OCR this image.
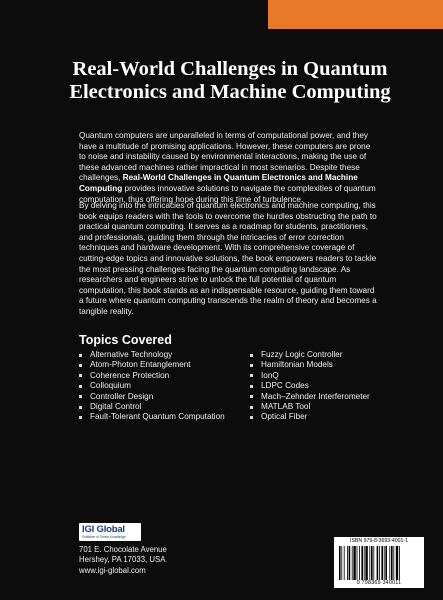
Real-World Challenges in Quantum
Electronics and Machine Computing

Quantum computers are unparalleled in terms of computational power, and they have a multitude of promising applications. However, these computers are prone to noise and instability caused by environmental interactions, making the use of these advanced machines rather impractical in most scenarios. Despite these challenges, Real-World Challenges in Quantum Electronics and Machine Computing provides innovative solutions to navigate the complexities of quantum computation, thus offering hope during this time of turbulence.

By delving into the intricacies of quantum electronics and machine computing, this book equips readers with the tools to overcome the hurdles obstructing the path to practical quantum computing. It serves as a roadmap for students, practitioners, and professionals, guiding them through the intricacies of error correction techniques and hardware development. With its comprehensive coverage of cutting-edge topics and innovative solutions, the book empowers readers to tackle the most pressing challenges facing the quantum computing landscape. As researchers and engineers strive to unlock the full potential of quantum computation, this book stands as an indispensable resource, guiding them toward a future where quantum computing transcends the realm of theory and becomes a tangible reality.

Topics Covered
Alternative Technology
Atom-Photon Entanglement
Coherence Protection
Colloquium
Controller Design
Digital Control
Fault-Tolerant Quantum Computation
Fuzzy Logic Controller
Hamiltonian Models
IonQ
LDPC Codes
Mach–Zehnder Interferometer
MATLAB Tool
Optical Fiber
IGI Global
Publisher of Timely Knowledge

701 E. Chocolate Avenue
Hershey, PA 17033, USA
www.igi-global.com

ISBN 979-8-3693-4001-1
9 798369 340011
